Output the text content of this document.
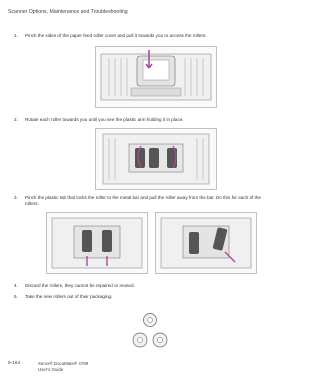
Scanner Options, Maintenance and Troubleshooting
1. Pinch the sides of the paper feed roller cover and pull it towards you to access the rollers.
2. Rotate each roller towards you until you see the plastic arm holding it in place.
3. Pinch the plastic tab that locks the roller to the metal bar and pull the roller away from the bar. Do this for each of the rollers.
4. Discard the rollers, they cannot be repaired or reused.
5. Take the new rollers out of their packaging.
9-164	Xerox® DocuMate® 4799
User's Guide
